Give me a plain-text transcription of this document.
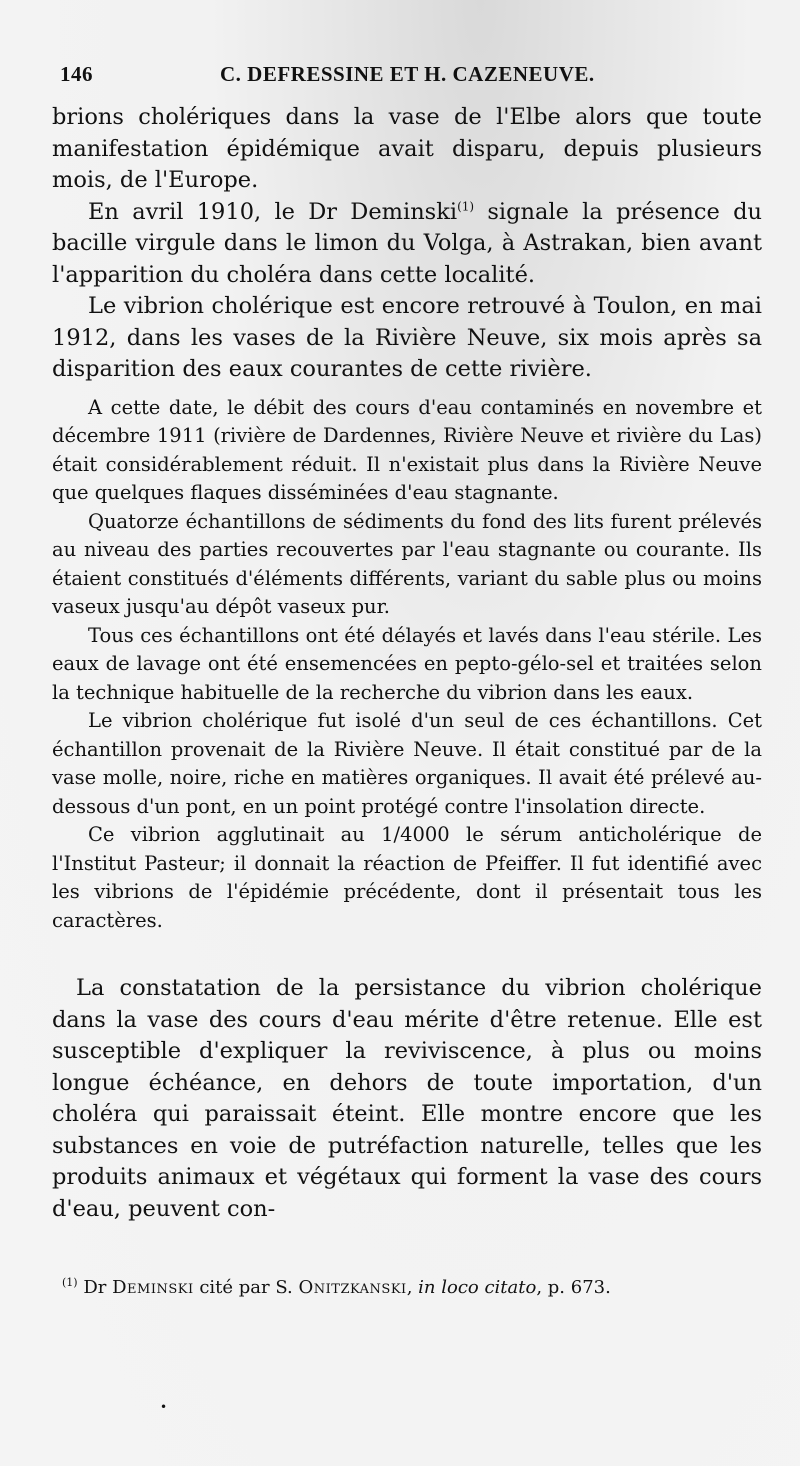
146	C. DEFRESSINE ET H. CAZENEUVE.

brions cholériques dans la vase de l'Elbe alors que toute manifestation épidémique avait disparu, depuis plusieurs mois, de l'Europe.

En avril 1910, le Dr Deminski$^{(1)}$ signale la présence du bacille virgule dans le limon du Volga, à Astrakan, bien avant l'apparition du choléra dans cette localité.

Le vibrion cholérique est encore retrouvé à Toulon, en mai 1912, dans les vases de la Rivière Neuve, six mois après sa disparition des eaux courantes de cette rivière.

A cette date, le débit des cours d'eau contaminés en novembre et décembre 1911 (rivière de Dardennes, Rivière Neuve et rivière du Las) était considérablement réduit. Il n'existait plus dans la Rivière Neuve que quelques flaques disséminées d'eau stagnante.

Quatorze échantillons de sédiments du fond des lits furent prélevés au niveau des parties recouvertes par l'eau stagnante ou courante. Ils étaient constitués d'éléments différents, variant du sable plus ou moins vaseux jusqu'au dépôt vaseux pur.

Tous ces échantillons ont été délayés et lavés dans l'eau stérile. Les eaux de lavage ont été ensemencées en pepto-gélo-sel et traitées selon la technique habituelle de la recherche du vibrion dans les eaux.

Le vibrion cholérique fut isolé d'un seul de ces échantillons. Cet échantillon provenait de la Rivière Neuve. Il était constitué par de la vase molle, noire, riche en matières organiques. Il avait été prélevé au-dessous d'un pont, en un point protégé contre l'insolation directe.

Ce vibrion agglutinait au 1/4000 le sérum anticholérique de l'Institut Pasteur; il donnait la réaction de Pfeiffer. Il fut identifié avec les vibrions de l'épidémie précédente, dont il présentait tous les caractères.

La constatation de la persistance du vibrion cholérique dans la vase des cours d'eau mérite d'être retenue. Elle est susceptible d'expliquer la reviviscence, à plus ou moins longue échéance, en dehors de toute importation, d'un choléra qui paraissait éteint. Elle montre encore que les substances en voie de putréfaction naturelle, telles que les produits animaux et végétaux qui forment la vase des cours d'eau, peuvent con-

$^{(1)}$ Dr Deminski cité par S. Onitzkanski, in loco citato, p. 673.
•
